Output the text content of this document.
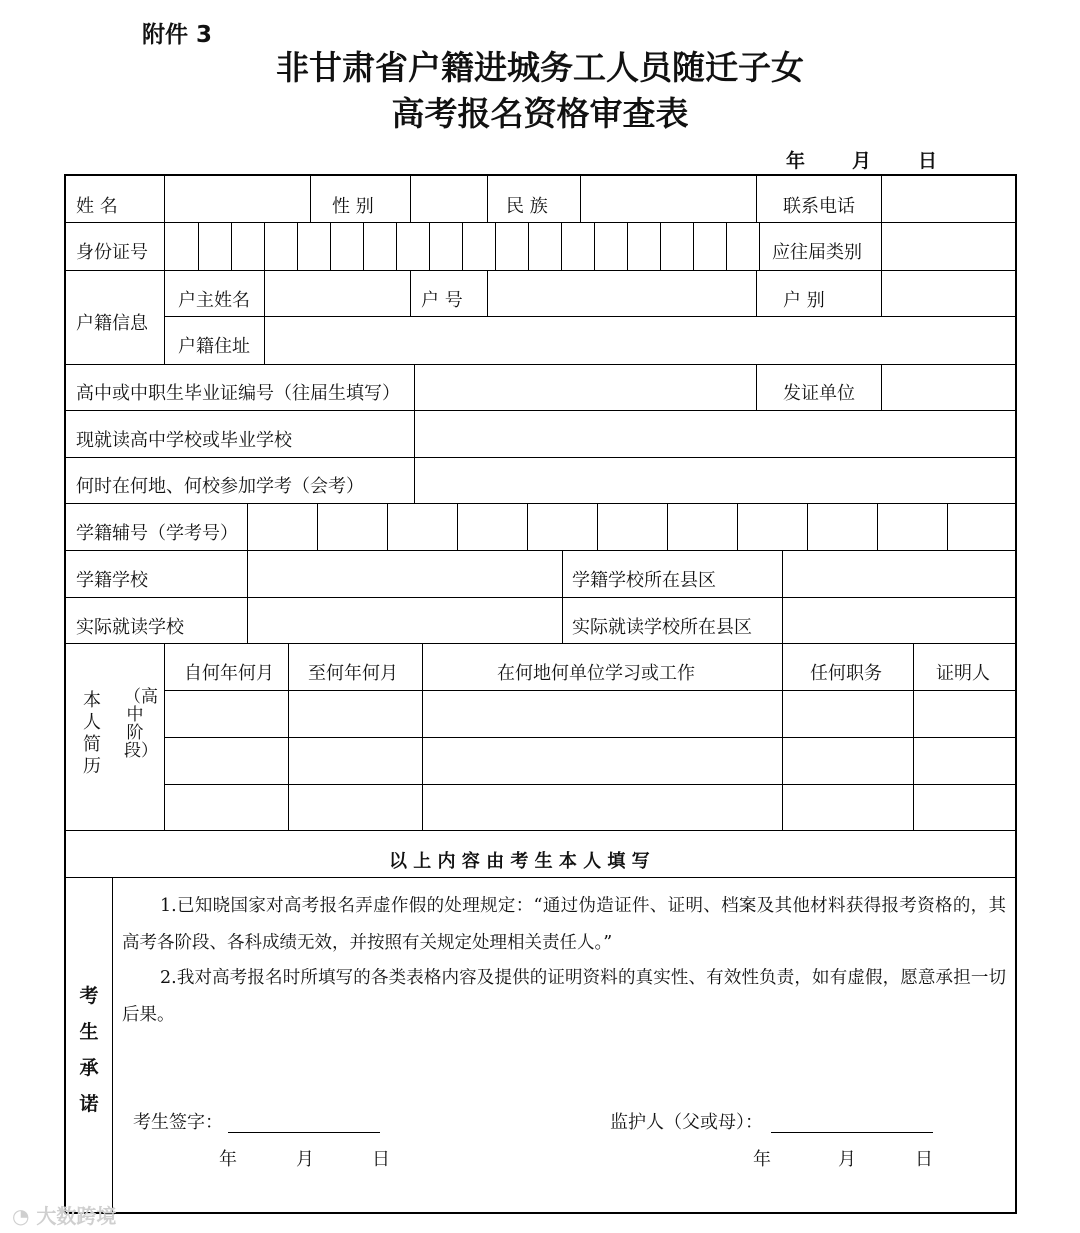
附件 3
非甘肃省户籍进城务工人员随迁子女
高考报名资格审查表
年 月 日
姓 名	性 别	民 族	联系电话
身份证号	应往届类别
户籍信息
户主姓名	户 号	户 别
户籍住址
高中或中职生毕业证编号（往届生填写）	发证单位
现就读高中学校或毕业学校
何时在何地、何校参加学考（会考）
学籍辅号（学考号）
学籍学校	学籍学校所在县区
实际就读学校	实际就读学校所在县区
本人简历
（高中阶段）
自何年何月 至何年何月	在何地何单位学习或工作	任何职务	证明人
以 上 内 容 由 考 生 本 人 填 写
考生承诺
1.已知晓国家对高考报名弄虚作假的处理规定：“通过伪造证件、证明、档案及其他材料获得报考资格的，其高考各阶段、各科成绩无效，并按照有关规定处理相关责任人。”
2.我对高考报名时所填写的各类表格内容及提供的证明资料的真实性、有效性负责，如有虚假，愿意承担一切后果。
考生签字：	监护人（父或母）：
年	月	日	年	月	日
◔ 大数跨境
